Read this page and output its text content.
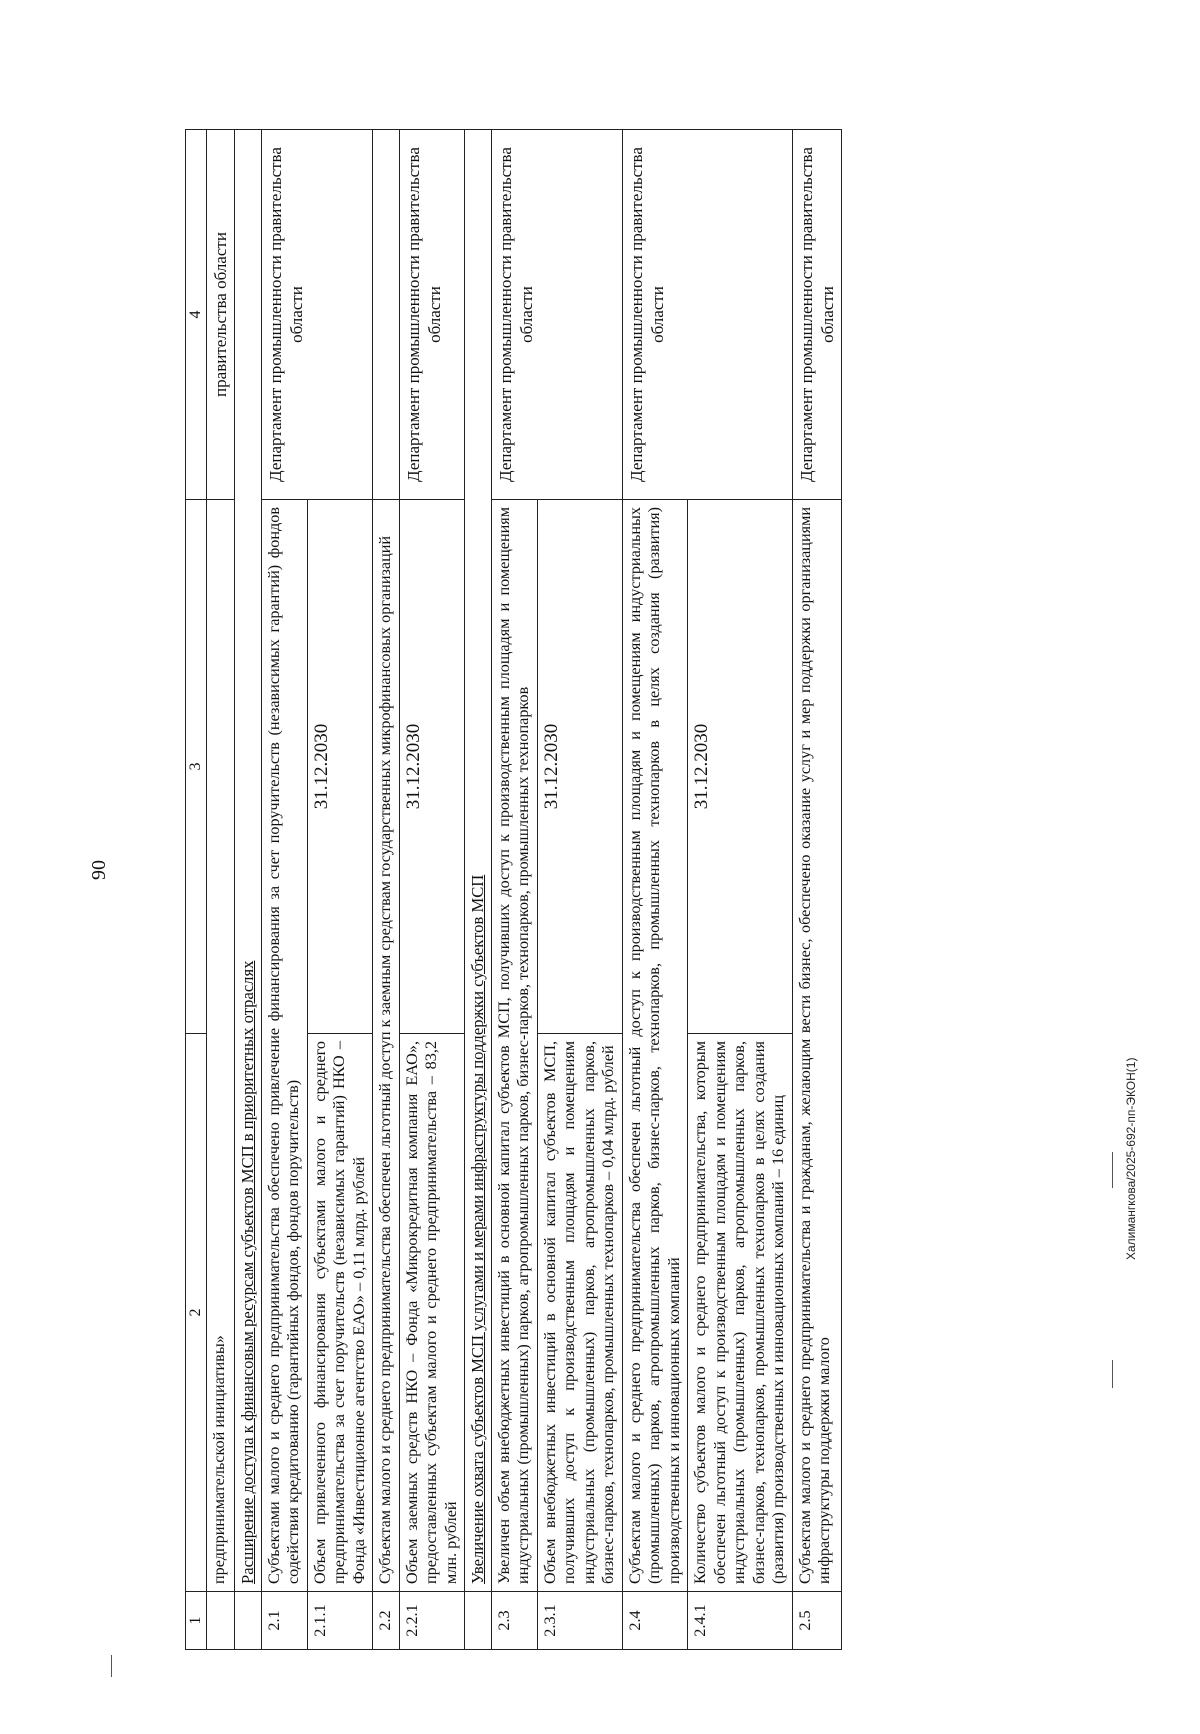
90
1	2	3	4
	предпринимательской инициативы»		правительства области
	Расширение доступа к финансовым ресурсам субъектов МСП в приоритетных отраслях		
2.1	Субъектами малого и среднего предпринимательства обеспечено привлечение финансирования за счет поручительств (независимых гарантий) фондов содействия кредитованию (гарантийных фондов, фондов поручительств)		Департамент промышленности правительства области
2.1.1	Объем привлеченного финансирования субъектами малого и среднего предпринимательства за счет поручительств (независимых гарантий) НКО – Фонда «Инвестиционное агентство ЕАО» – 0,11 млрд. рублей	31.12.2030	
2.2	Субъектам малого и среднего предпринимательства обеспечен льготный доступ к заемным средствам государственных микрофинансовых организаций		
2.2.1	Объем заемных средств НКО – Фонда «Микрокредитная компания ЕАО», предоставленных субъектам малого и среднего предпринимательства – 83,2 млн. рублей	31.12.2030	Департамент промышленности правительства области
	Увеличение охвата субъектов МСП услугами и мерами инфраструктуры поддержки субъектов МСП		
2.3	Увеличен объем внебюджетных инвестиций в основной капитал субъектов МСП, получивших доступ к производственным площадям и помещениям индустриальных (промышленных) парков, агропромышленных парков, бизнес-парков, технопарков, промышленных технопарков		Департамент промышленности правительства области
2.3.1	Объем внебюджетных инвестиций в основной капитал субъектов МСП, получивших доступ к производственным площадям и помещениям индустриальных (промышленных) парков, агропромышленных парков, бизнес-парков, технопарков, промышленных технопарков – 0,04 млрд. рублей	31.12.2030	
2.4	Субъектам малого и среднего предпринимательства обеспечен льготный доступ к производственным площадям и помещениям индустриальных (промышленных) парков, агропромышленных парков, бизнес-парков, технопарков, промышленных технопарков в целях создания (развития) производственных и инновационных компаний		Департамент промышленности правительства области
2.4.1	Количество субъектов малого и среднего предпринимательства, которым обеспечен льготный доступ к производственным площадям и помещениям индустриальных (промышленных) парков, агропромышленных парков, бизнес-парков, технопарков, промышленных технопарков в целях создания (развития) производственных и инновационных компаний – 16 единиц	31.12.2030	
2.5	Субъектам малого и среднего предпринимательства и гражданам, желающим вести бизнес, обеспечено оказание услуг и мер поддержки организациями инфраструктуры поддержки малого		Департамент промышленности правительства области
Халимангкова/2025-692-пп-ЭКОН(1)
